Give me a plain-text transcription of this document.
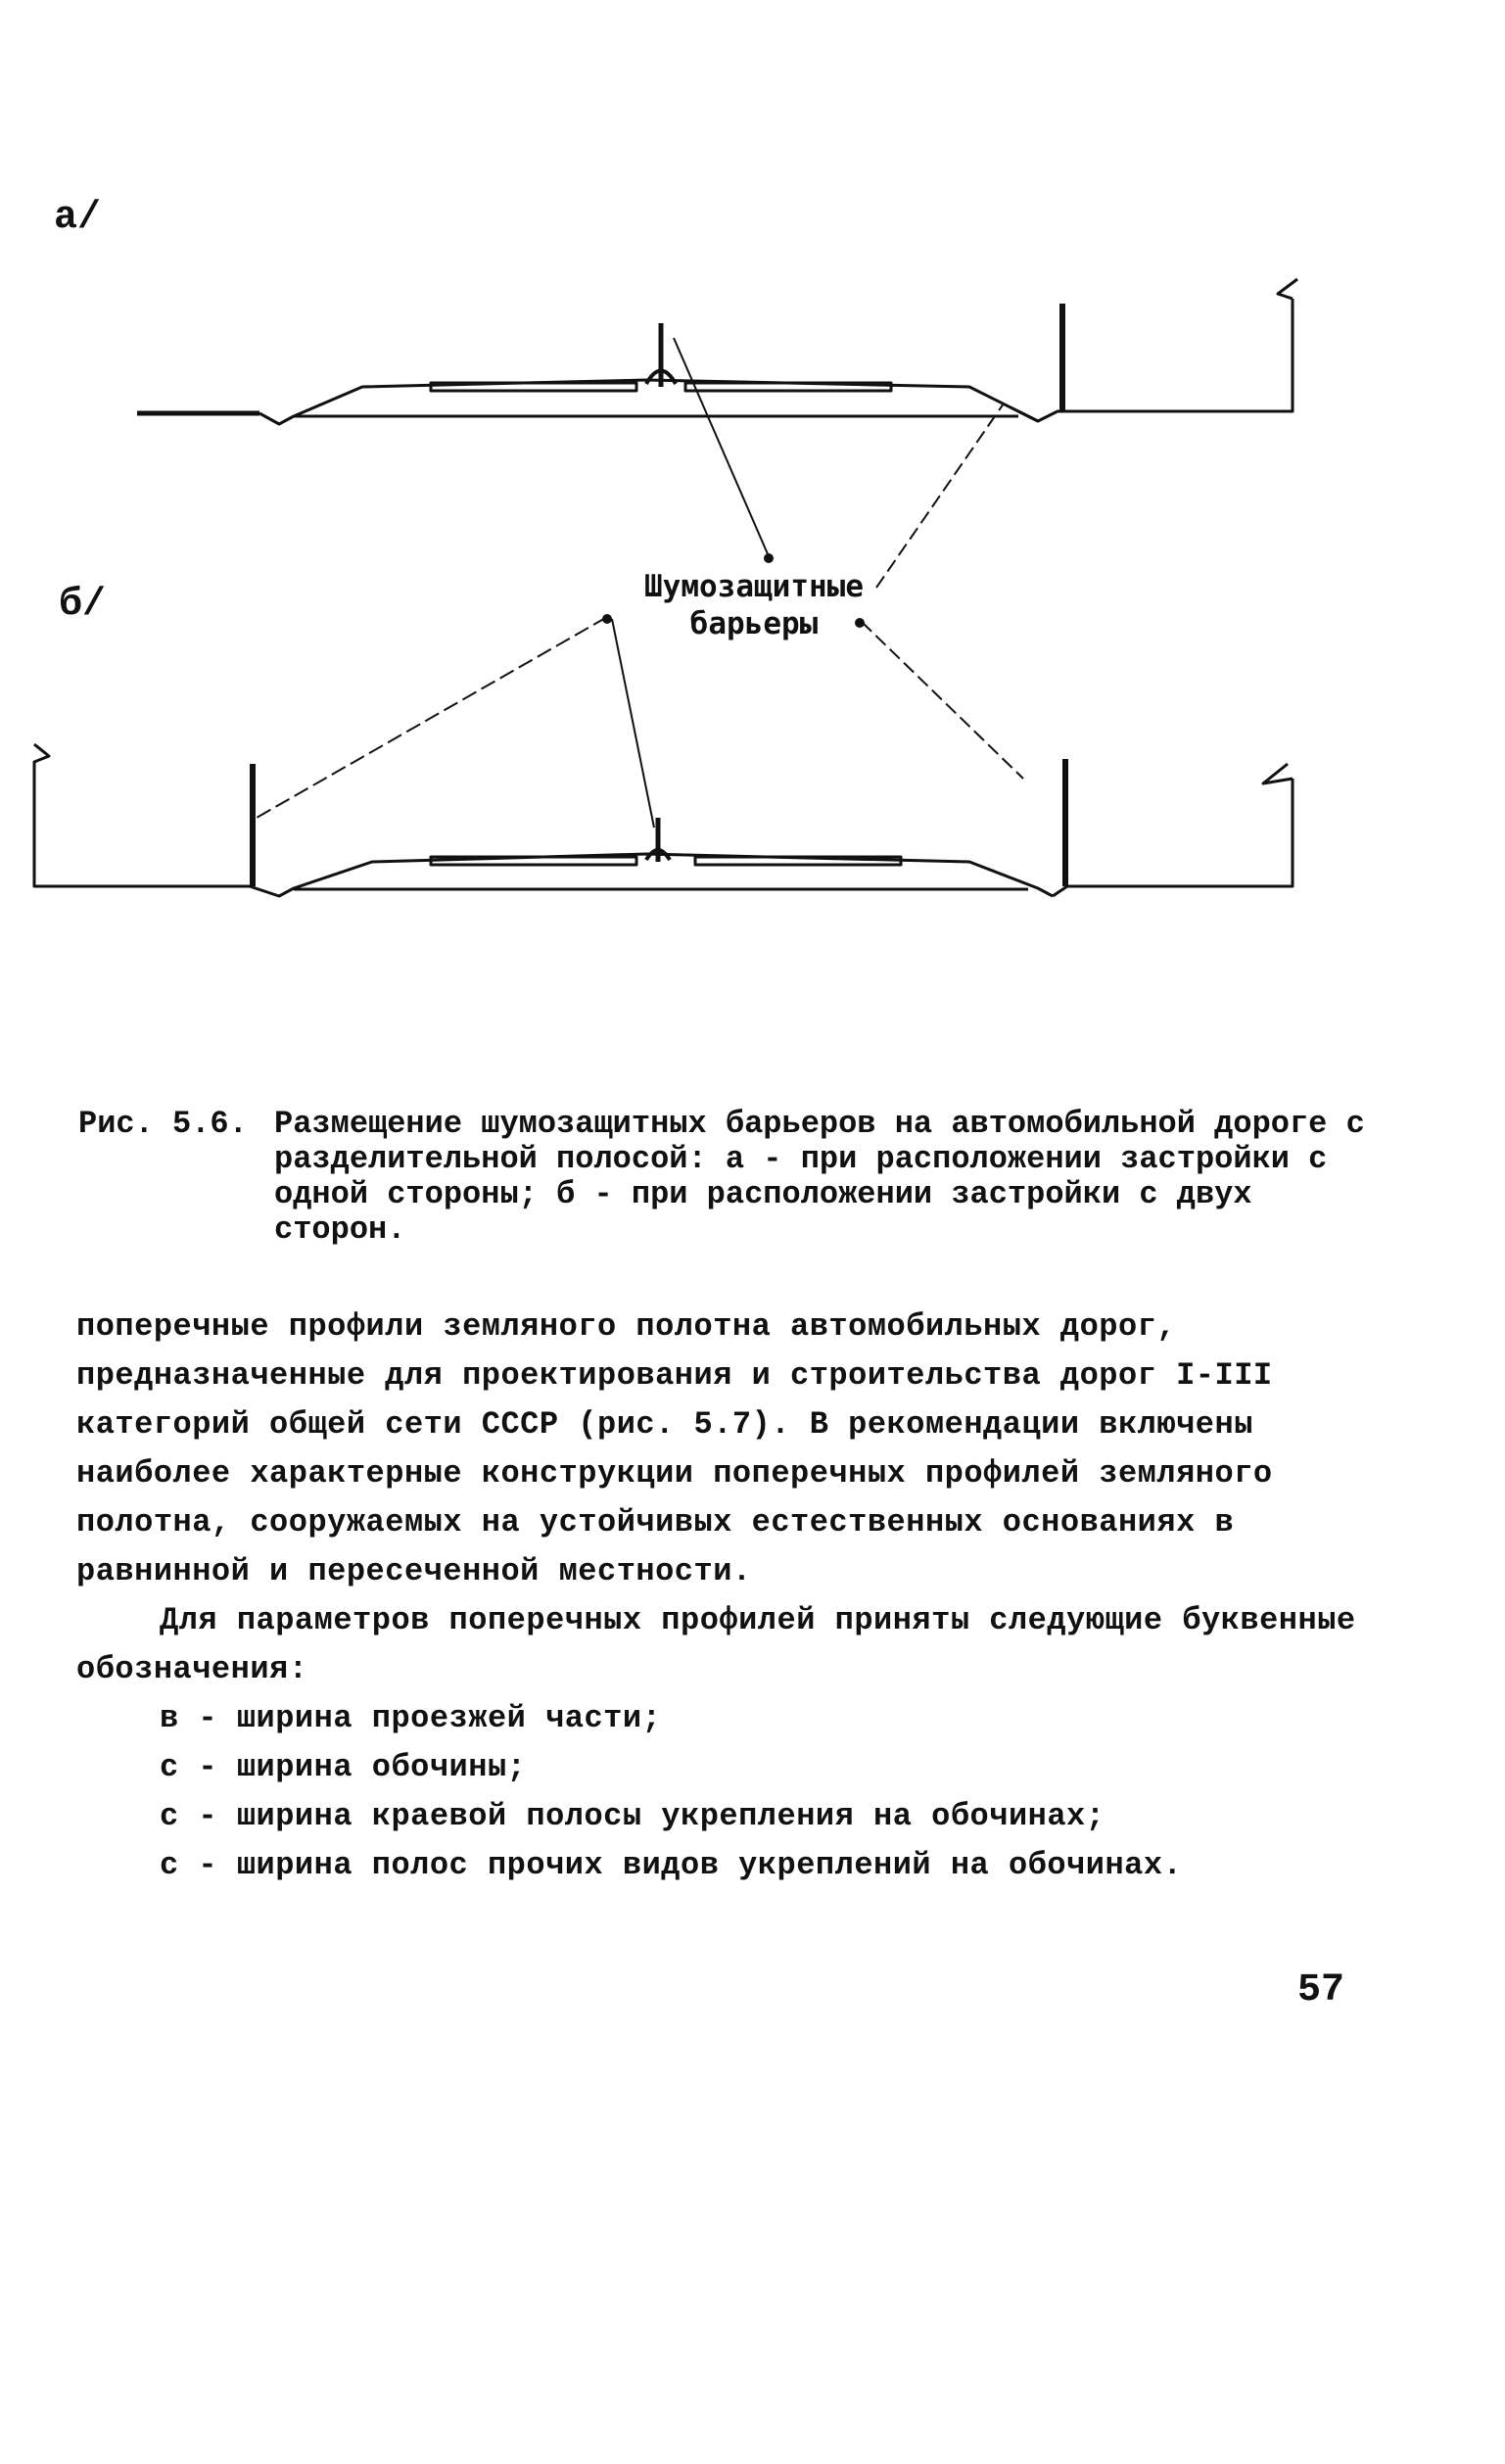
а/
б/	Шумозащитные
барьеры
Рис. 5.6. Размещение шумозащитных барьеров на автомобильной дороге с разделительной полосой: а - при расположении застройки с одной стороны; б - при расположении застройки с двух сторон.

поперечные профили земляного полотна автомобильных дорог, предназначенные для проектирования и строительства дорог I-III категорий общей сети СССР (рис. 5.7). В рекомендации включены наиболее характерные конструкции поперечных профилей земляного полотна, сооружаемых на устойчивых естественных основаниях в равнинной и пересеченной местности.

Для параметров поперечных профилей приняты следующие буквенные обозначения:

в - ширина проезжей части;
с - ширина обочины;
с - ширина краевой полосы укрепления на обочинах;
с - ширина полос прочих видов укреплений на обочинах.
57
